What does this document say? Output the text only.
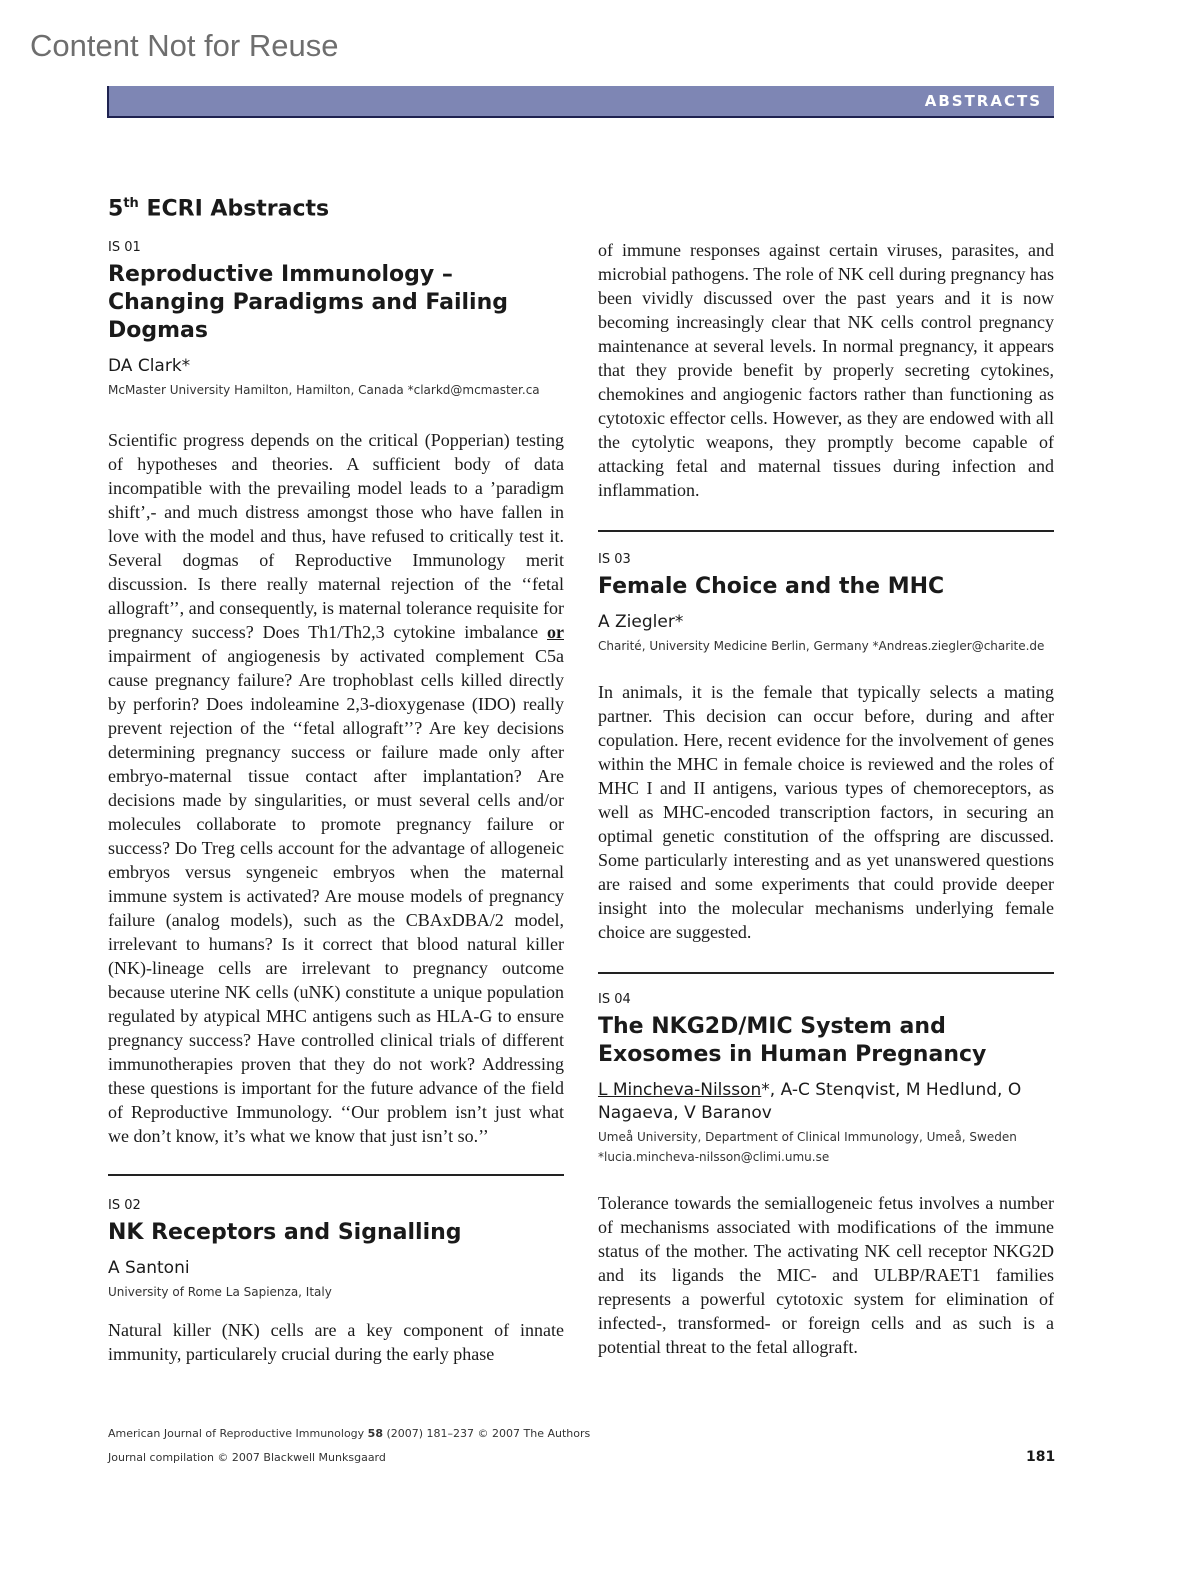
Content Not for Reuse
ABSTRACTS
5th ECRI Abstracts

IS 01

Reproductive Immunology – Changing Paradigms and Failing Dogmas

DA Clark*

McMaster University Hamilton, Hamilton, Canada *clarkd@mcmaster.ca

Scientific progress depends on the critical (Popperian) testing of hypotheses and theories. A sufficient body of data incompatible with the prevailing model leads to a ’paradigm shift’,- and much distress amongst those who have fallen in love with the model and thus, have refused to critically test it. Several dogmas of Reproductive Immunology merit discussion. Is there really maternal rejection of the ‘‘fetal allograft’’, and consequently, is maternal tolerance requisite for pregnancy success? Does Th1/Th2,3 cytokine imbalance or impairment of angiogenesis by activated complement C5a cause pregnancy failure? Are trophoblast cells killed directly by perforin? Does indoleamine 2,3-dioxygenase (IDO) really prevent rejection of the ‘‘fetal allograft’’? Are key decisions determining pregnancy success or failure made only after embryo-maternal tissue contact after implantation? Are decisions made by singularities, or must several cells and/or molecules collaborate to promote pregnancy failure or success? Do Treg cells account for the advantage of allogeneic embryos versus syngeneic embryos when the maternal immune system is activated? Are mouse models of pregnancy failure (analog models), such as the CBAxDBA/2 model, irrelevant to humans? Is it correct that blood natural killer (NK)-lineage cells are irrelevant to pregnancy outcome because uterine NK cells (uNK) constitute a unique population regulated by atypical MHC antigens such as HLA-G to ensure pregnancy success? Have controlled clinical trials of different immunotherapies proven that they do not work? Addressing these questions is important for the future advance of the field of Reproductive Immunology. ‘‘Our problem isn’t just what we don’t know, it’s what we know that just isn’t so.’’

IS 02

NK Receptors and Signalling

A Santoni

University of Rome La Sapienza, Italy

Natural killer (NK) cells are a key component of innate immunity, particularely crucial during the early phase

of immune responses against certain viruses, parasites, and microbial pathogens. The role of NK cell during pregnancy has been vividly discussed over the past years and it is now becoming increasingly clear that NK cells control pregnancy maintenance at several levels. In normal pregnancy, it appears that they provide benefit by properly secreting cytokines, chemokines and angiogenic factors rather than functioning as cytotoxic effector cells. However, as they are endowed with all the cytolytic weapons, they promptly become capable of attacking fetal and maternal tissues during infection and inflammation.

IS 03

Female Choice and the MHC

A Ziegler*

Charité, University Medicine Berlin, Germany *Andreas.ziegler@charite.de

In animals, it is the female that typically selects a mating partner. This decision can occur before, during and after copulation. Here, recent evidence for the involvement of genes within the MHC in female choice is reviewed and the roles of MHC I and II antigens, various types of chemoreceptors, as well as MHC-encoded transcription factors, in securing an optimal genetic constitution of the offspring are discussed. Some particularly interesting and as yet unanswered questions are raised and some experiments that could provide deeper insight into the molecular mechanisms underlying female choice are suggested.

IS 04

The NKG2D/MIC System and Exosomes in Human Pregnancy

L Mincheva-Nilsson*, A-C Stenqvist, M Hedlund, O Nagaeva, V Baranov

Umeå University, Department of Clinical Immunology, Umeå, Sweden

*lucia.mincheva-nilsson@climi.umu.se

Tolerance towards the semiallogeneic fetus involves a number of mechanisms associated with modifications of the immune status of the mother. The activating NK cell receptor NKG2D and its ligands the MIC- and ULBP/RAET1 families represents a powerful cytotoxic system for elimination of infected-, transformed- or foreign cells and as such is a potential threat to the fetal allograft.

American Journal of Reproductive Immunology 58 (2007) 181–237 © 2007 The Authors
Journal compilation © 2007 Blackwell Munksgaard	181
